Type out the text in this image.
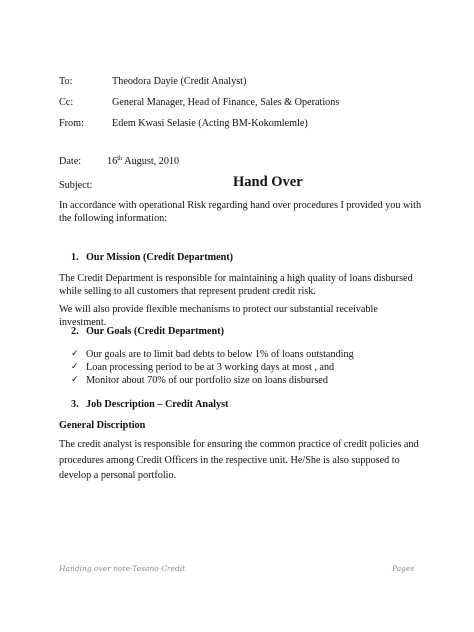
To:	Theodora Dayie (Credit Analyst)
Cc:	General Manager, Head of Finance, Sales & Operations
From:	Edem Kwasi Selasie (Acting BM-Kokomlemle)
Date:	16th August, 2010
Subject:	Hand Over
In accordance with operational Risk regarding hand over procedures I provided you with the following information:
1. Our Mission (Credit Department)
The Credit Department is responsible for maintaining a high quality of loans disbursed while selling to all customers that represent prudent credit risk.
We will also provide flexible mechanisms to protect our substantial receivable investment.
2. Our Goals (Credit Department)
✓ Our goals are to limit bad debts to below 1% of loans outstanding
✓ Loan processing period to be at 3 working days at most , and
✓ Monitor about 70% of our portfolio size on loans disbursed
3. Job Description – Credit Analyst
General Discription
The credit analyst is responsible for ensuring the common practice of credit policies and procedures among Credit Officers in the respective unit. He/She is also supposed to develop a personal portfolio.
Handing over note-Tesano Credit	Pages
